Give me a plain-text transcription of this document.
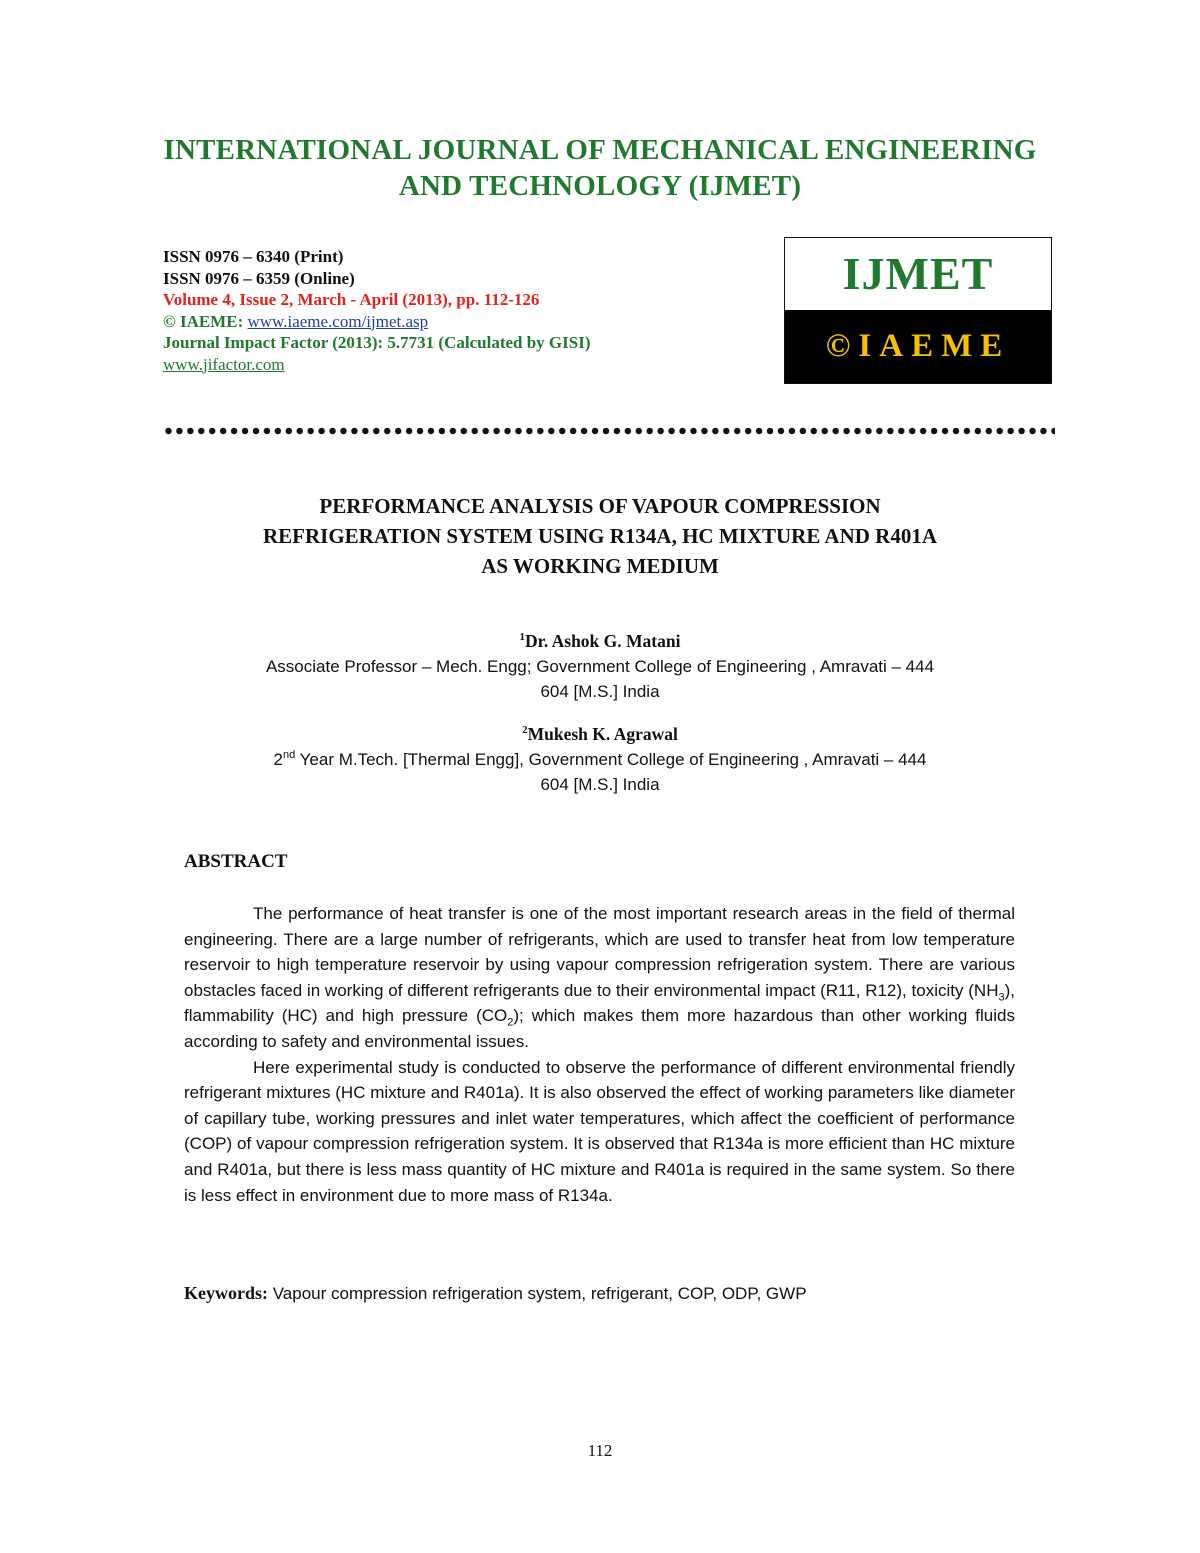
INTERNATIONAL JOURNAL OF MECHANICAL ENGINEERING
AND TECHNOLOGY (IJMET)
ISSN 0976 – 6340 (Print)
ISSN 0976 – 6359 (Online)
Volume 4, Issue 2, March - April (2013), pp. 112-126
© IAEME: www.iaeme.com/ijmet.asp
Journal Impact Factor (2013): 5.7731 (Calculated by GISI)
www.jifactor.com
IJMET
©IAEME
PERFORMANCE ANALYSIS OF VAPOUR COMPRESSION
REFRIGERATION SYSTEM USING R134A, HC MIXTURE AND R401A
AS WORKING MEDIUM
$^1$Dr. Ashok G. Matani
Associate Professor – Mech. Engg; Government College of Engineering , Amravati – 444
604 [M.S.] India
$^2$Mukesh K. Agrawal
2nd Year M.Tech. [Thermal Engg], Government College of Engineering , Amravati – 444
604 [M.S.] India
ABSTRACT

The performance of heat transfer is one of the most important research areas in the field of thermal engineering. There are a large number of refrigerants, which are used to transfer heat from low temperature reservoir to high temperature reservoir by using vapour compression refrigeration system. There are various obstacles faced in working of different refrigerants due to their environmental impact (R11, R12), toxicity $(NH_3)$, flammability (HC) and high pressure $(CO_2)$; which makes them more hazardous than other working fluids according to safety and environmental issues.

Here experimental study is conducted to observe the performance of different environmental friendly refrigerant mixtures (HC mixture and R401a). It is also observed the effect of working parameters like diameter of capillary tube, working pressures and inlet water temperatures, which affect the coefficient of performance (COP) of vapour compression refrigeration system. It is observed that R134a is more efficient than HC mixture and R401a, but there is less mass quantity of HC mixture and R401a is required in the same system. So there is less effect in environment due to more mass of R134a.

Keywords: Vapour compression refrigeration system, refrigerant, COP, ODP, GWP
112
